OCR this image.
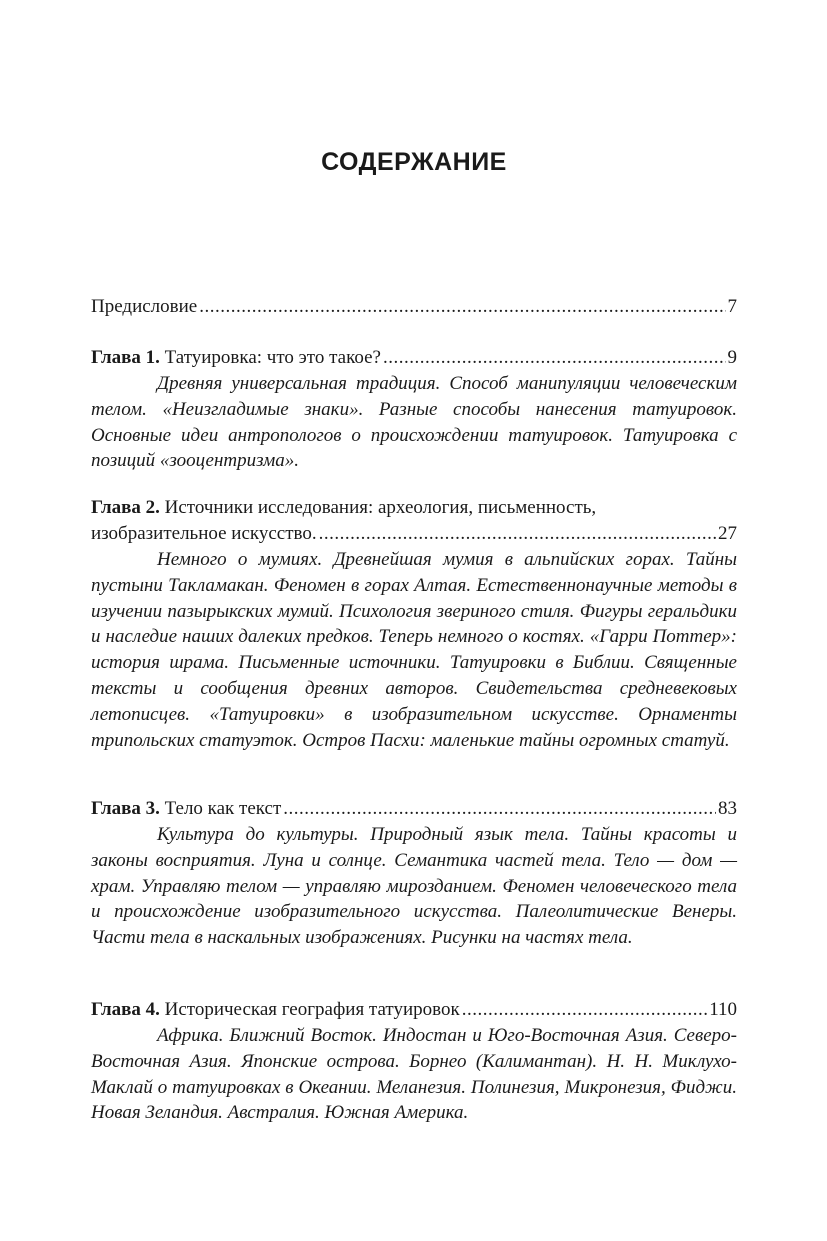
СОДЕРЖАНИЕ
Предисловие .....	7
Глава 1. Татуировка: что это такое? .....	9

Древняя универсальная традиция. Способ манипуляции человеческим телом. «Неизгладимые знаки». Разные способы нанесения татуировок. Основные идеи антропологов о происхождении татуировок. Татуировка с позиций «зооцентризма».

Глава 2. Источники исследования: археология, письменность,
изобразительное искусство. .....	27

Немного о мумиях. Древнейшая мумия в альпийских горах. Тайны пустыни Такламакан. Феномен в горах Алтая. Естественнонаучные методы в изучении пазырыкских мумий. Психология звериного стиля. Фигуры геральдики и наследие наших далеких предков. Теперь немного о костях. «Гарри Поттер»: история шрама. Письменные источники. Татуировки в Библии. Священные тексты и сообщения древних авторов. Свидетельства средневековых летописцев. «Татуировки» в изобразительном искусстве. Орнаменты трипольских статуэток. Остров Пасхи: маленькие тайны огромных статуй.

Глава 3. Тело как текст .....	83

Культура до культуры. Природный язык тела. Тайны красоты и законы восприятия. Луна и солнце. Семантика частей тела. Тело — дом — храм. Управляю телом — управляю мирозданием. Феномен человеческого тела и происхождение изобразительного искусства. Палеолитические Венеры. Части тела в наскальных изображениях. Рисунки на частях тела.

Глава 4. Историческая география татуировок .....	110

Африка. Ближний Восток. Индостан и Юго-Восточная Азия. Северо-Восточная Азия. Японские острова. Борнео (Калимантан). Н. Н. Миклухо-Маклай о татуировках в Океании. Меланезия. Полинезия, Микронезия, Фиджи. Новая Зеландия. Австралия. Южная Америка.
